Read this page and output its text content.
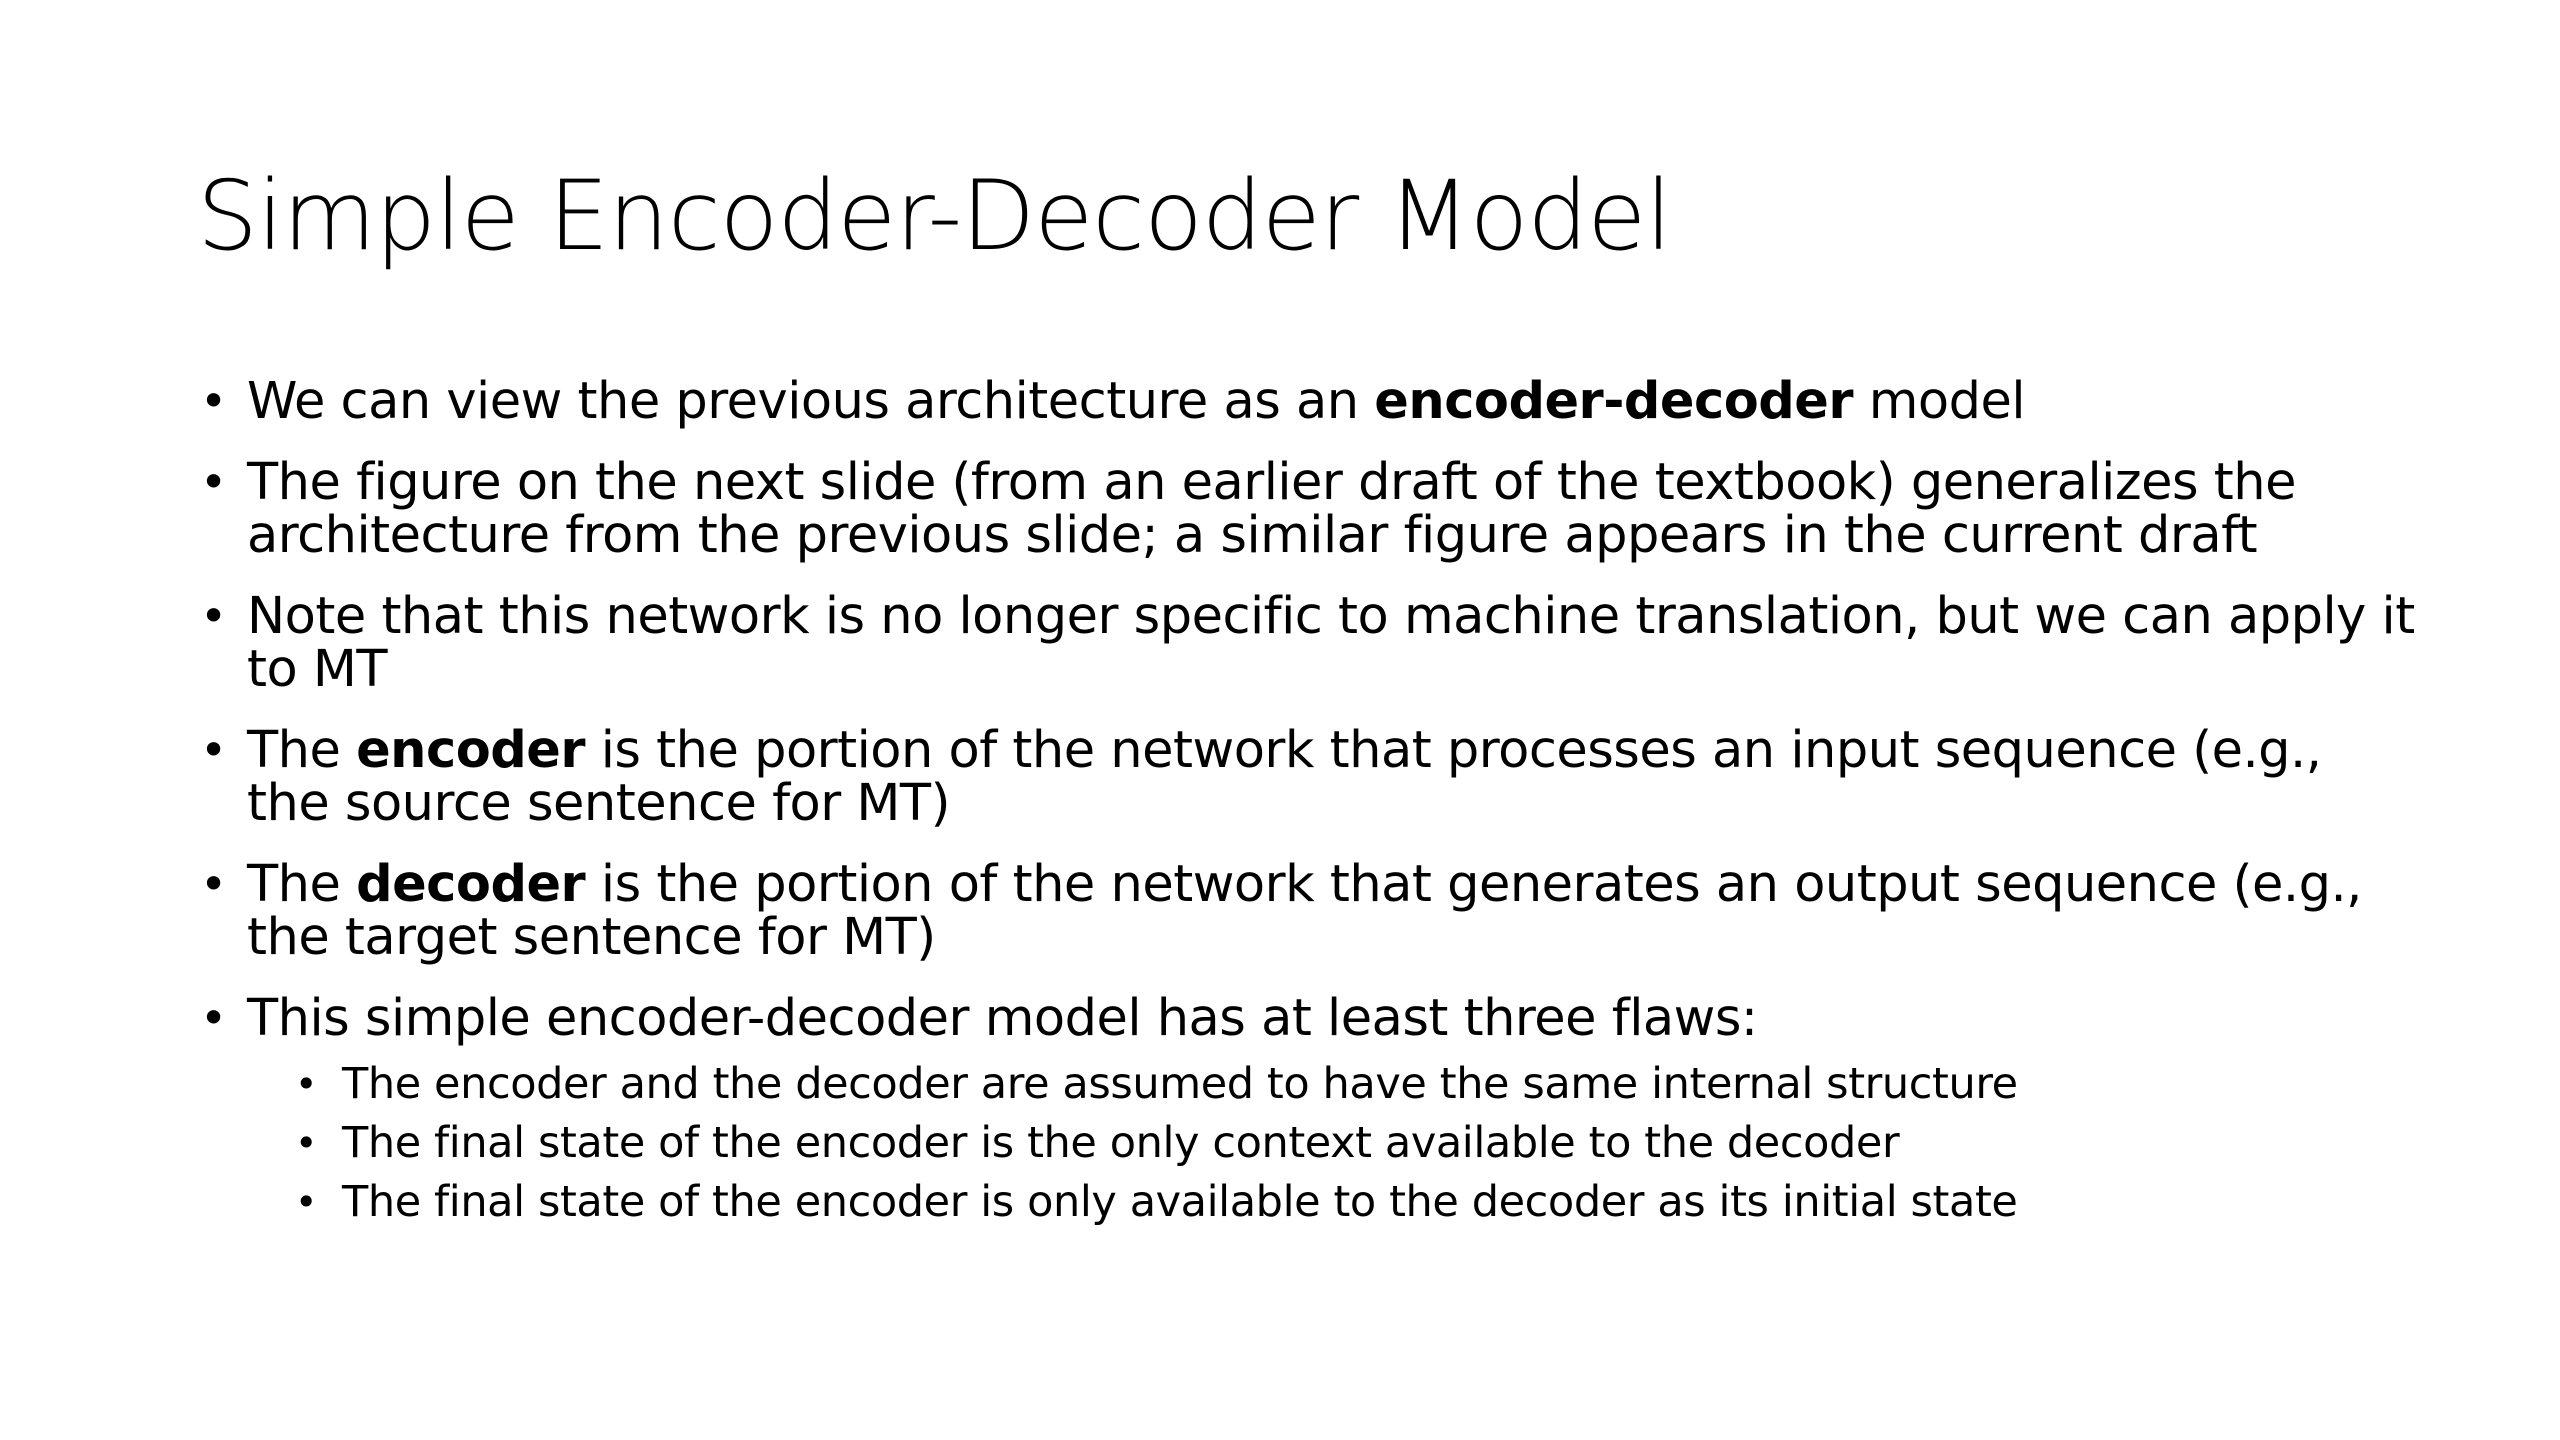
Simple Encoder-Decoder Model
• We can view the previous architecture as an encoder-decoder model
• The figure on the next slide (from an earlier draft of the textbook) generalizes the architecture from the previous slide; a similar figure appears in the current draft
• Note that this network is no longer specific to machine translation, but we can apply it to MT
• The encoder is the portion of the network that processes an input sequence (e.g., the source sentence for MT)
• The decoder is the portion of the network that generates an output sequence (e.g., the target sentence for MT)
• This simple encoder-decoder model has at least three flaws:
• The encoder and the decoder are assumed to have the same internal structure
• The final state of the encoder is the only context available to the decoder
• The final state of the encoder is only available to the decoder as its initial state
